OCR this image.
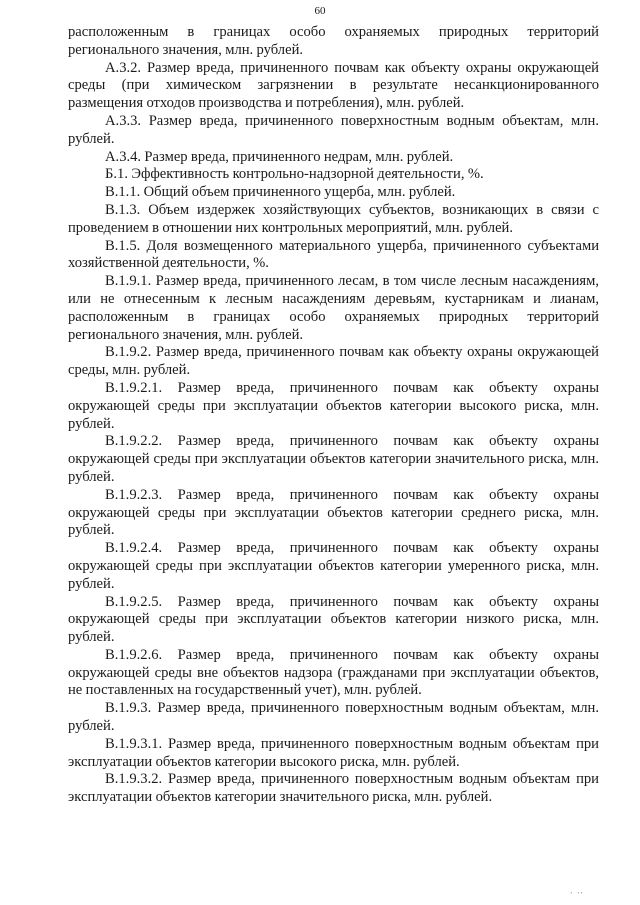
60

расположенным в границах особо охраняемых природных территорий регионального значения, млн. рублей.

А.3.2. Размер вреда, причиненного почвам как объекту охраны окружающей среды (при химическом загрязнении в результате несанкционированного размещения отходов производства и потребления), млн. рублей.

А.3.3. Размер вреда, причиненного поверхностным водным объектам, млн. рублей.

А.3.4. Размер вреда, причиненного недрам, млн. рублей.

Б.1. Эффективность контрольно-надзорной деятельности, %.

В.1.1. Общий объем причиненного ущерба, млн. рублей.

В.1.3. Объем издержек хозяйствующих субъектов, возникающих в связи с проведением в отношении них контрольных мероприятий, млн. рублей.

В.1.5. Доля возмещенного материального ущерба, причиненного субъектами хозяйственной деятельности, %.

В.1.9.1. Размер вреда, причиненного лесам, в том числе лесным насаждениям, или не отнесенным к лесным насаждениям деревьям, кустарникам и лианам, расположенным в границах особо охраняемых природных территорий регионального значения, млн. рублей.

В.1.9.2. Размер вреда, причиненного почвам как объекту охраны окружающей среды, млн. рублей.

В.1.9.2.1. Размер вреда, причиненного почвам как объекту охраны окружающей среды при эксплуатации объектов категории высокого риска, млн. рублей.

В.1.9.2.2. Размер вреда, причиненного почвам как объекту охраны окружающей среды при эксплуатации объектов категории значительного риска, млн. рублей.

В.1.9.2.3. Размер вреда, причиненного почвам как объекту охраны окружающей среды при эксплуатации объектов категории среднего риска, млн. рублей.

В.1.9.2.4. Размер вреда, причиненного почвам как объекту охраны окружающей среды при эксплуатации объектов категории умеренного риска, млн. рублей.

В.1.9.2.5. Размер вреда, причиненного почвам как объекту охраны окружающей среды при эксплуатации объектов категории низкого риска, млн. рублей.

В.1.9.2.6. Размер вреда, причиненного почвам как объекту охраны окружающей среды вне объектов надзора (гражданами при эксплуатации объектов, не поставленных на государственный учет), млн. рублей.

В.1.9.3. Размер вреда, причиненного поверхностным водным объектам, млн. рублей.

В.1.9.3.1. Размер вреда, причиненного поверхностным водным объектам при эксплуатации объектов категории высокого риска, млн. рублей.

В.1.9.3.2. Размер вреда, причиненного поверхностным водным объектам при эксплуатации объектов категории значительного риска, млн. рублей.

' ''
